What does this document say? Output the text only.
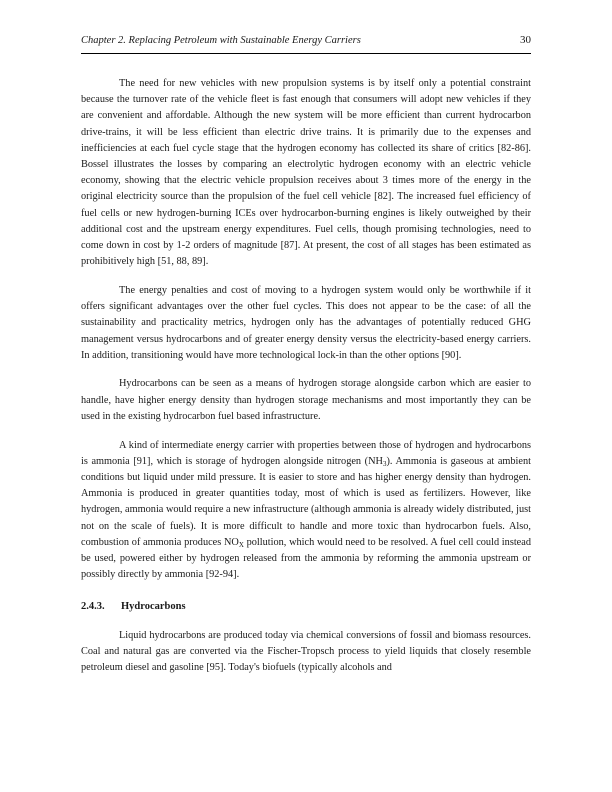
Chapter 2. Replacing Petroleum with Sustainable Energy Carriers	30

The need for new vehicles with new propulsion systems is by itself only a potential constraint because the turnover rate of the vehicle fleet is fast enough that consumers will adopt new vehicles if they are convenient and affordable. Although the new system will be more efficient than current hydrocarbon drive-trains, it will be less efficient than electric drive trains. It is primarily due to the expenses and inefficiencies at each fuel cycle stage that the hydrogen economy has collected its share of critics [82-86]. Bossel illustrates the losses by comparing an electrolytic hydrogen economy with an electric vehicle economy, showing that the electric vehicle propulsion receives about 3 times more of the energy in the original electricity source than the propulsion of the fuel cell vehicle [82]. The increased fuel efficiency of fuel cells or new hydrogen-burning ICEs over hydrocarbon-burning engines is likely outweighed by their additional cost and the upstream energy expenditures. Fuel cells, though promising technologies, need to come down in cost by 1-2 orders of magnitude [87]. At present, the cost of all stages has been estimated as prohibitively high [51, 88, 89].

The energy penalties and cost of moving to a hydrogen system would only be worthwhile if it offers significant advantages over the other fuel cycles. This does not appear to be the case: of all the sustainability and practicality metrics, hydrogen only has the advantages of potentially reduced GHG management versus hydrocarbons and of greater energy density versus the electricity-based energy carriers. In addition, transitioning would have more technological lock-in than the other options [90].

Hydrocarbons can be seen as a means of hydrogen storage alongside carbon which are easier to handle, have higher energy density than hydrogen storage mechanisms and most importantly they can be used in the existing hydrocarbon fuel based infrastructure.

A kind of intermediate energy carrier with properties between those of hydrogen and hydrocarbons is ammonia [91], which is storage of hydrogen alongside nitrogen $(NH_3)$. Ammonia is gaseous at ambient conditions but liquid under mild pressure. It is easier to store and has higher energy density than hydrogen. Ammonia is produced in greater quantities today, most of which is used as fertilizers. However, like hydrogen, ammonia would require a new infrastructure (although ammonia is already widely distributed, just not on the scale of fuels). It is more difficult to handle and more toxic than hydrocarbon fuels. Also, combustion of ammonia produces $NO_X$ pollution, which would need to be resolved. A fuel cell could instead be used, powered either by hydrogen released from the ammonia by reforming the ammonia upstream or possibly directly by ammonia [92-94].

2.4.3.	Hydrocarbons

Liquid hydrocarbons are produced today via chemical conversions of fossil and biomass resources. Coal and natural gas are converted via the Fischer-Tropsch process to yield liquids that closely resemble petroleum diesel and gasoline [95]. Today's biofuels (typically alcohols and
